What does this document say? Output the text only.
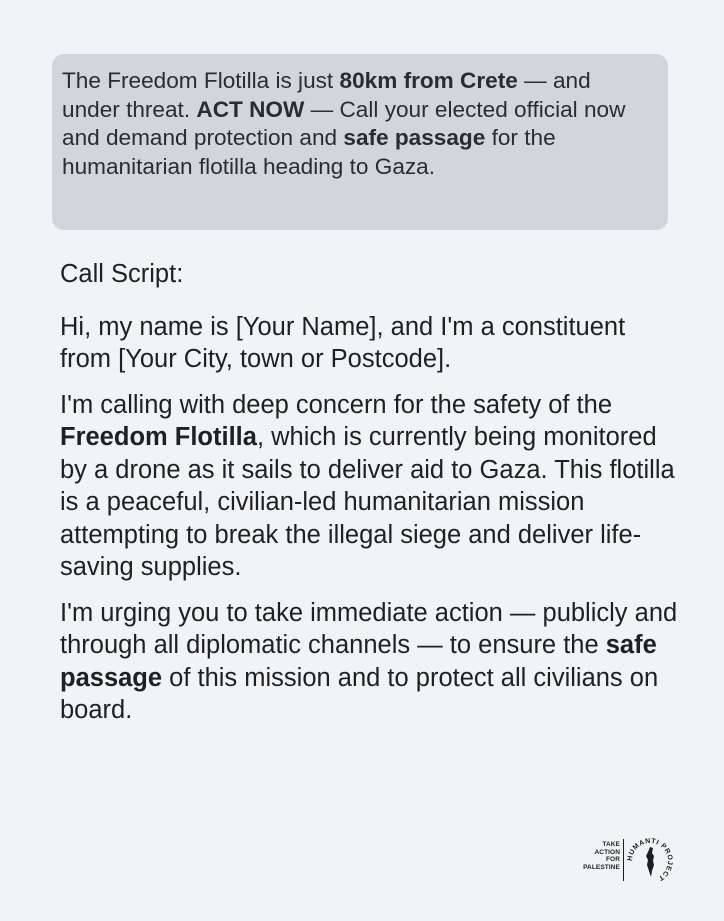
The Freedom Flotilla is just 80km from Crete — and under threat. ACT NOW — Call your elected official now and demand protection and safe passage for the humanitarian flotilla heading to Gaza.

Call Script:

Hi, my name is [Your Name], and I'm a constituent from [Your City, town or Postcode].

I'm calling with deep concern for the safety of the Freedom Flotilla, which is currently being monitored by a drone as it sails to deliver aid to Gaza. This flotilla is a peaceful, civilian-led humanitarian mission attempting to break the illegal siege and deliver life-saving supplies.

I'm urging you to take immediate action — publicly and through all diplomatic channels — to ensure the safe passage of this mission and to protect all civilians on board.

TAKE
ACTION
FOR
PALESTINE
HUMANTI PROJECT
